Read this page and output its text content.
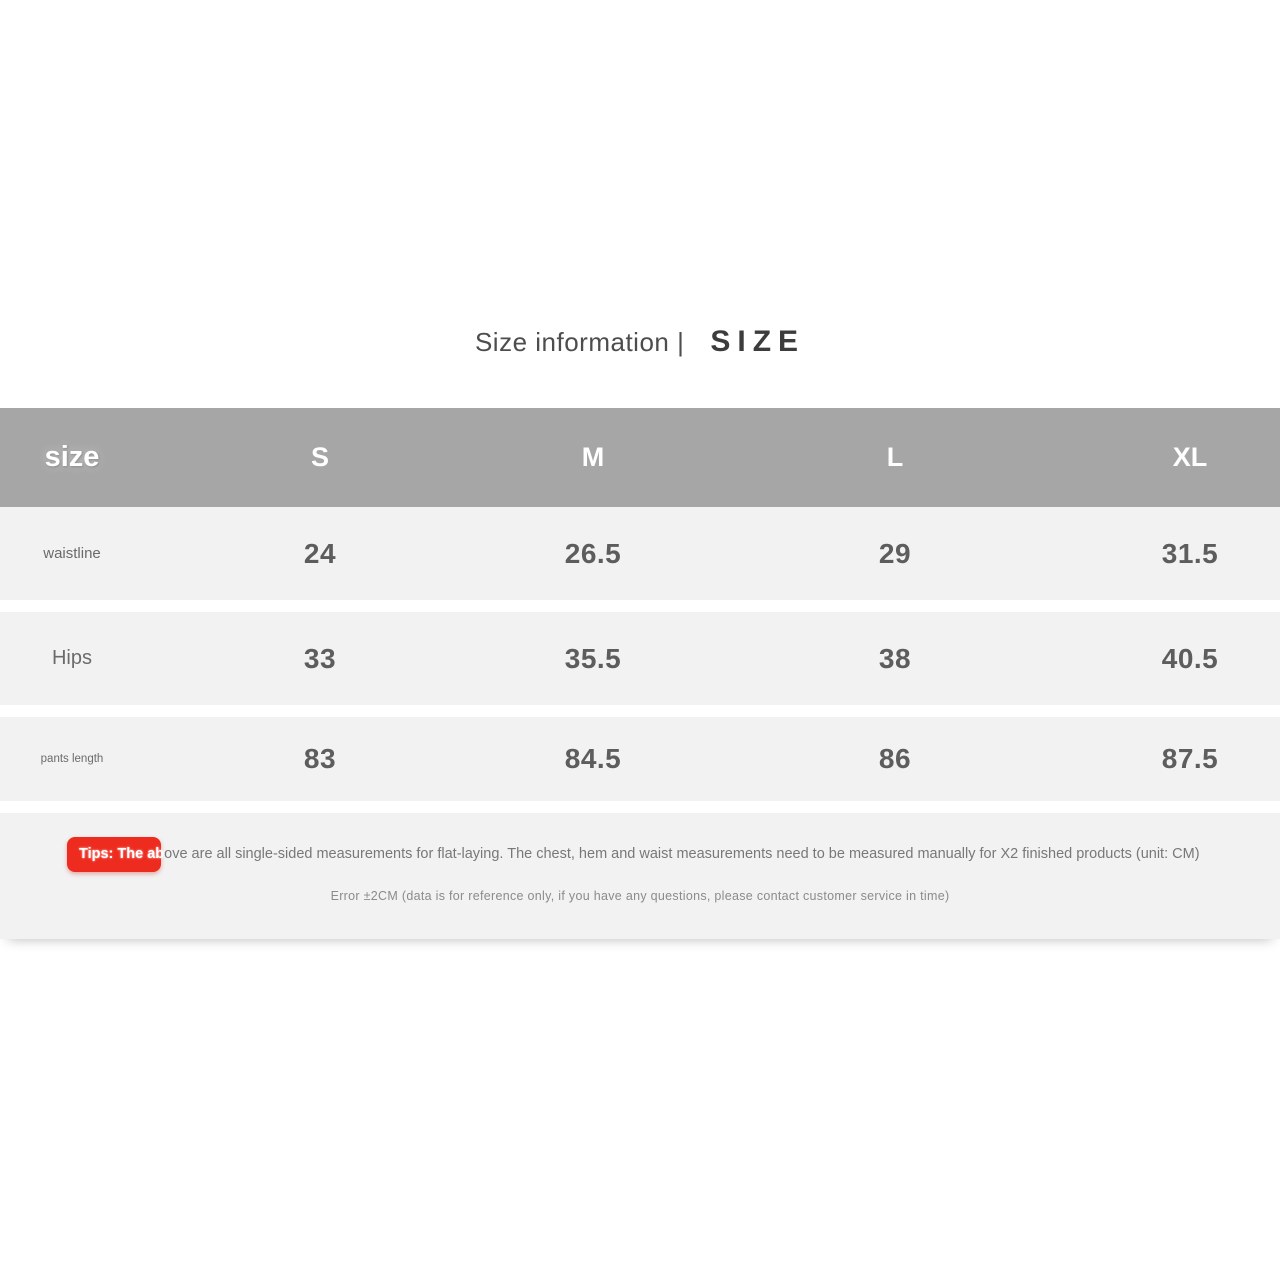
Size information | SIZE
size	S	M	L	XL
waistline	24	26.5	29	31.5
Hips	33	35.5	38	40.5
pants length	83	84.5	86	87.5
Tips: The above are all single-sided measurements for flat-laying. The chest, hem and waist measurements need to be measured manually for X2 finished products (unit: CM)
Error ±2CM (data is for reference only, if you have any questions, please contact customer service in time)
